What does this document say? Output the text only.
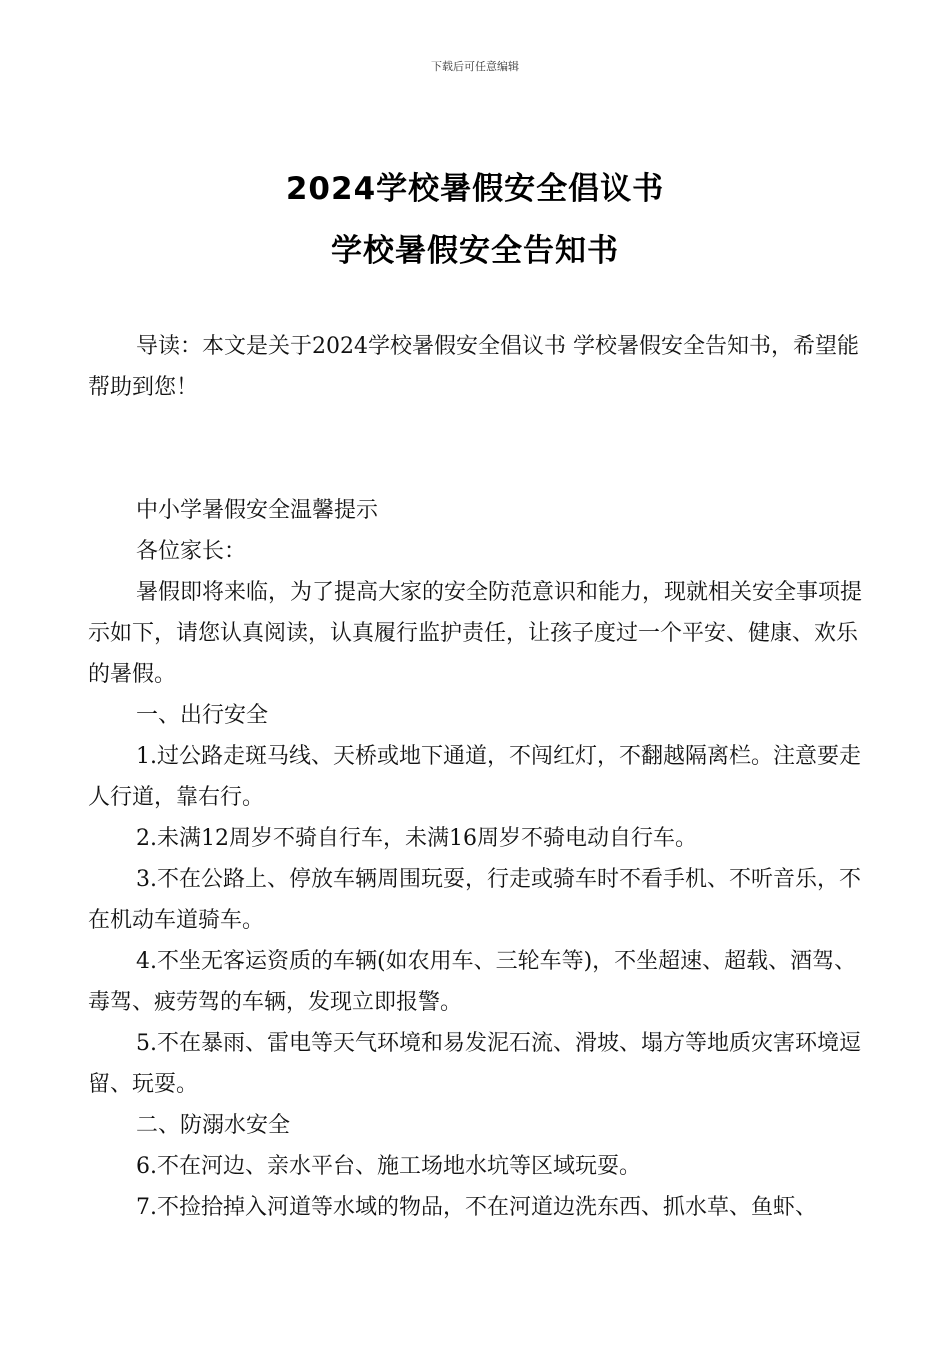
下载后可任意编辑
2024学校暑假安全倡议书
学校暑假安全告知书

导读：本文是关于2024学校暑假安全倡议书 学校暑假安全告知书，希望能帮助到您！

中小学暑假安全温馨提示

各位家长：

暑假即将来临，为了提高大家的安全防范意识和能力，现就相关安全事项提示如下，请您认真阅读，认真履行监护责任，让孩子度过一个平安、健康、欢乐的暑假。

一、出行安全

1.过公路走斑马线、天桥或地下通道，不闯红灯，不翻越隔离栏。注意要走人行道，靠右行。

2.未满12周岁不骑自行车，未满16周岁不骑电动自行车。

3.不在公路上、停放车辆周围玩耍，行走或骑车时不看手机、不听音乐，不在机动车道骑车。

4.不坐无客运资质的车辆(如农用车、三轮车等)，不坐超速、超载、酒驾、毒驾、疲劳驾的车辆，发现立即报警。

5.不在暴雨、雷电等天气环境和易发泥石流、滑坡、塌方等地质灾害环境逗留、玩耍。

二、防溺水安全

6.不在河边、亲水平台、施工场地水坑等区域玩耍。

7.不捡拾掉入河道等水域的物品，不在河道边洗东西、抓水草、鱼虾、
